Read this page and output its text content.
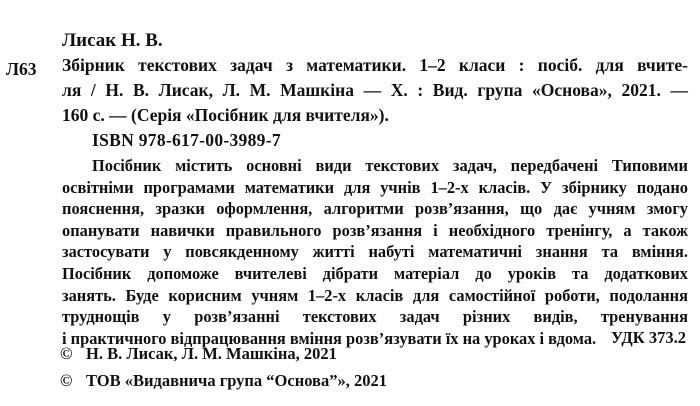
Лисак Н. В.
Л63 Збірник текстових задач з математики. 1–2 класи : посіб. для вчите-
ля / Н. В. Лисак, Л. М. Машкіна — Х. : Вид. група «Основа», 2021. —
160 с. — (Серія «Посібник для вчителя»).
ISBN 978-617-00-3989-7
Посібник містить основні види текстових задач, передбачені Типовими
освітніми програмами математики для учнів 1–2-х класів. У збірнику подано
пояснення, зразки оформлення, алгоритми розв’язання, що дає учням змогу
опанувати навички правильного розв’язання і необхідного тренінгу, а також
застосувати у повсякденному житті набуті математичні знання та вміння.
Посібник допоможе вчителеві дібрати матеріал до уроків та додаткових
занять. Буде корисним учням 1–2-х класів для самостійної роботи, подолання
труднощів у розв’язанні текстових задач різних видів, тренування
і практичного відпрацювання вміння розв’язувати їх на уроках і вдома. УДК 373.2
© Н. В. Лисак, Л. М. Машкіна, 2021
© ТОВ «Видавнича група “Основа”», 2021
